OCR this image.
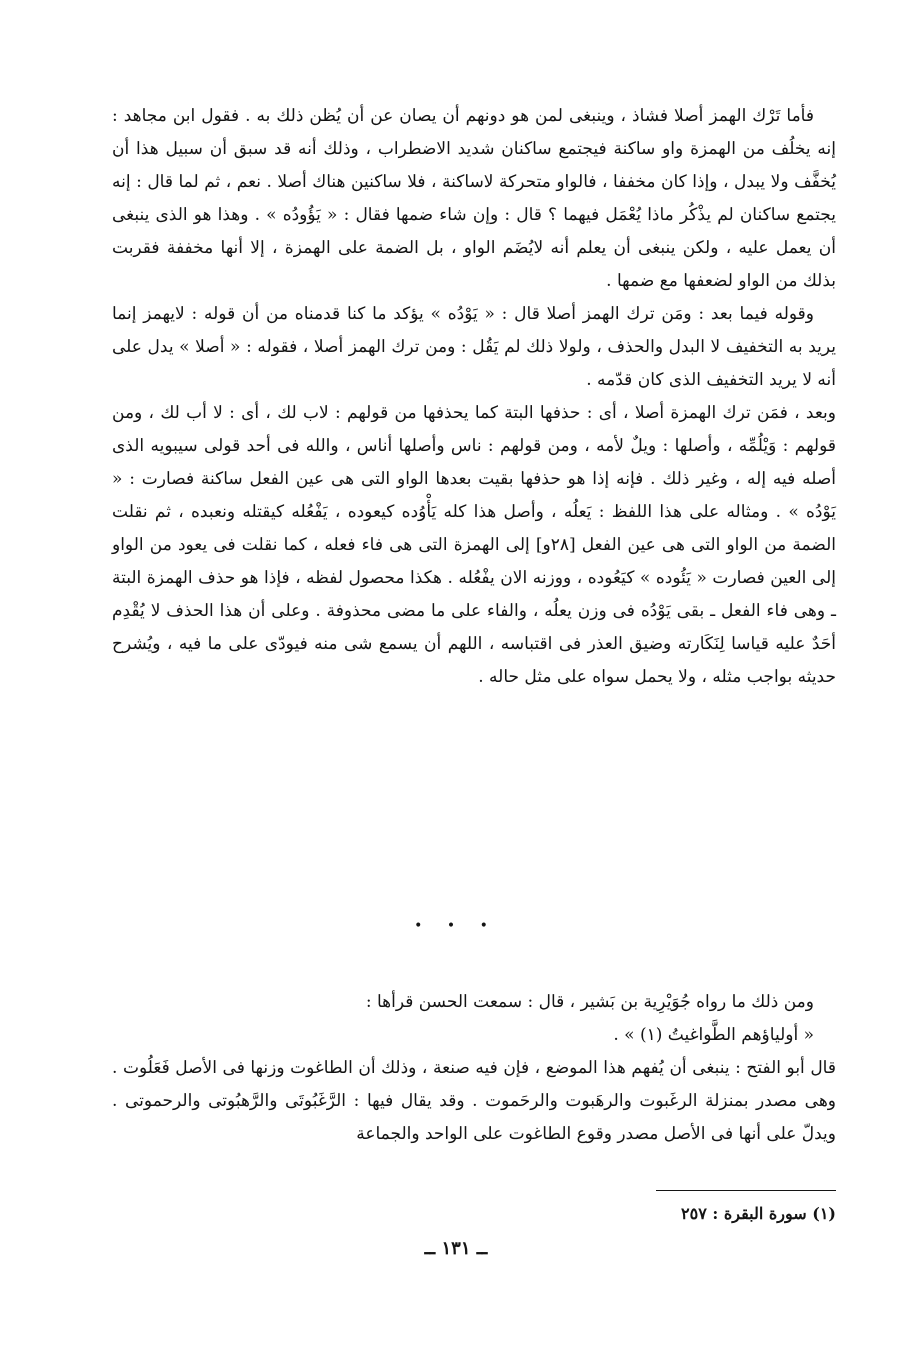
فأما تَرْك الهمز أصلا فشاذ ، وينبغى لمن هو دونهم أن يصان عن أن يُظن ذلك به . فقول ابن مجاهد : إنه يخلُف من الهمزة واو ساكنة فيجتمع ساكنان شديد الاضطراب ، وذلك أنه قد سبق أن سبيل هذا أن يُخفَّف ولا يبدل ، وإذا كان مخففا ، فالواو متحركة لاساكنة ، فلا ساكنين هناك أصلا . نعم ، ثم لما قال : إنه يجتمع ساكنان لم يذْكُر ماذا يُعْمَل فيهما ؟ قال : وإن شاء ضمها فقال : « يَؤُودُه » . وهذا هو الذى ينبغى أن يعمل عليه ، ولكن ينبغى أن يعلم أنه لايُضَم الواو ، بل الضمة على الهمزة ، إلا أنها مخففة فقربت بذلك من الواو لضعفها مع ضمها .

وقوله فيما بعد : ومَن ترك الهمز أصلا قال : « يَوْدُه » يؤكد ما كنا قدمناه من أن قوله : لايهمز إنما يريد به التخفيف لا البدل والحذف ، ولولا ذلك لم يَقُل : ومن ترك الهمز أصلا ، فقوله : « أصلا » يدل على أنه لا يريد التخفيف الذى كان قدّمه .

وبعد ، فمَن ترك الهمزة أصلا ، أى : حذفها البتة كما يحذفها من قولهم : لاب لك ، أى : لا أب لك ، ومن قولهم : وَيْلُمِّه ، وأصلها : ويلٌ لأمه ، ومن قولهم : ناس وأصلها أناس ، والله فى أحد قولى سيبويه الذى أصله فيه إله ، وغير ذلك . فإنه إذا هو حذفها بقيت بعدها الواو التى هى عين الفعل ساكنة فصارت : « يَوْدُه » . ومثاله على هذا اللفظ : يَعلُه ، وأصل هذا كله يَأْوُده كيعوده ، يَفْعُله كيقتله ونعبده ، ثم نقلت الضمة من الواو التى هى عين الفعل [٢٨و] إلى الهمزة التى هى فاء فعله ، كما نقلت فى يعود من الواو إلى العين فصارت « يَئُوده » كيَعُوده ، ووزنه الان يفْعُله . هكذا محصول لفظه ، فإذا هو حذف الهمزة البتة ـ وهى فاء الفعل ـ بقى يَوْدُه فى وزن يعلُه ، والفاء على ما مضى محذوفة . وعلى أن هذا الحذف لا يُقْدِم أحَدٌ عليه قياسا لِنَكَارته وضيق العذر فى اقتباسه ، اللهم أن يسمع شى منه فيودّى على ما فيه ، ويُشرح حديثه بواجب مثله ، ولا يحمل سواه على مثل حاله .

• • •

ومن ذلك ما رواه جُوَيْرِية بن بَشير ، قال : سمعت الحسن قرأها :

« أولياؤهم الطَّواغيتُ (١) » .

قال أبو الفتح : ينبغى أن يُفهم هذا الموضع ، فإن فيه صنعة ، وذلك أن الطاغوت وزنها فى الأصل فَعَلُوت . وهى مصدر بمنزلة الرغَبوت والرهَبوت والرحَموت . وقد يقال فيها : الرَّغَبُوتَى والرَّهبُوتى والرحموتى . ويدلّ على أنها فى الأصل مصدر وقوع الطاغوت على الواحد والجماعة

(١) سورة البقرة : ٢٥٧
ــ ١٣١ ــ
